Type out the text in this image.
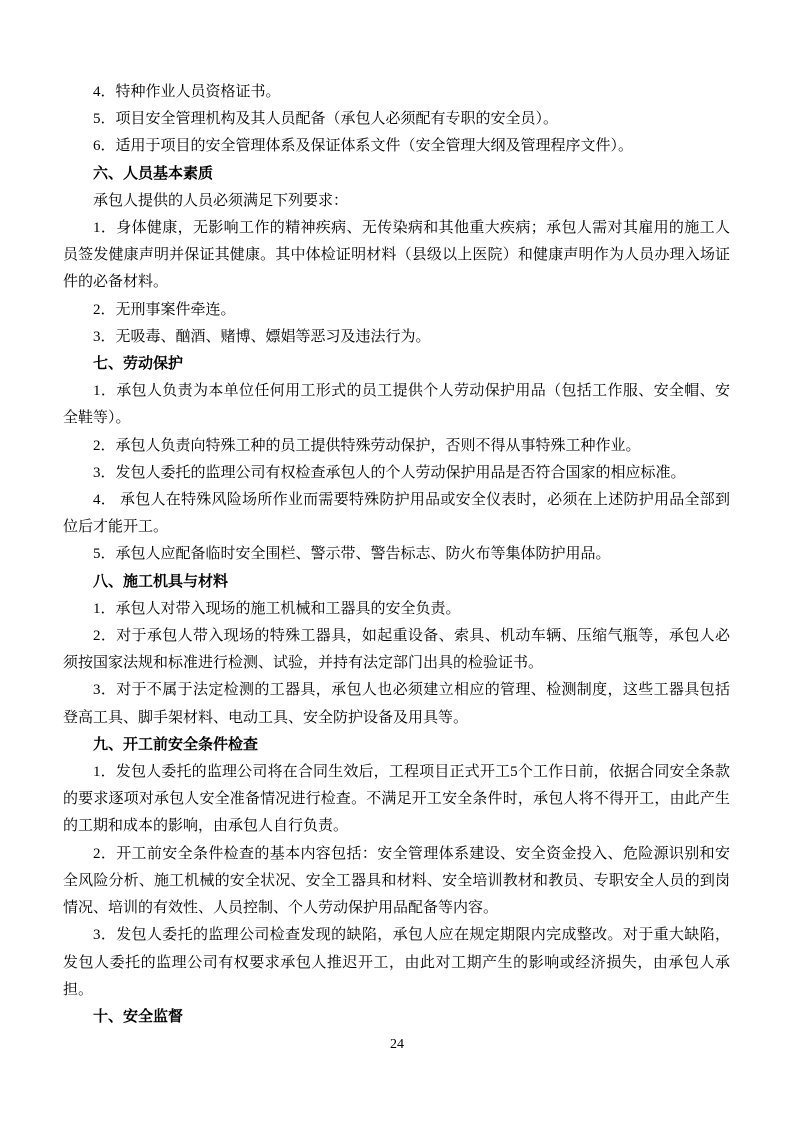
4．特种作业人员资格证书。

5．项目安全管理机构及其人员配备（承包人必须配有专职的安全员）。

6．适用于项目的安全管理体系及保证体系文件（安全管理大纲及管理程序文件）。

六、人员基本素质

承包人提供的人员必须满足下列要求：

1．身体健康，无影响工作的精神疾病、无传染病和其他重大疾病；承包人需对其雇用的施工人员签发健康声明并保证其健康。其中体检证明材料（县级以上医院）和健康声明作为人员办理入场证件的必备材料。

2．无刑事案件牵连。

3．无吸毒、酗酒、赌博、嫖娼等恶习及违法行为。

七、劳动保护

1．承包人负责为本单位任何用工形式的员工提供个人劳动保护用品（包括工作服、安全帽、安全鞋等）。

2．承包人负责向特殊工种的员工提供特殊劳动保护，否则不得从事特殊工种作业。

3．发包人委托的监理公司有权检查承包人的个人劳动保护用品是否符合国家的相应标准。

4． 承包人在特殊风险场所作业而需要特殊防护用品或安全仪表时，必须在上述防护用品全部到位后才能开工。

5．承包人应配备临时安全围栏、警示带、警告标志、防火布等集体防护用品。

八、施工机具与材料

1．承包人对带入现场的施工机械和工器具的安全负责。

2．对于承包人带入现场的特殊工器具，如起重设备、索具、机动车辆、压缩气瓶等，承包人必须按国家法规和标准进行检测、试验，并持有法定部门出具的检验证书。

3．对于不属于法定检测的工器具，承包人也必须建立相应的管理、检测制度，这些工器具包括登高工具、脚手架材料、电动工具、安全防护设备及用具等。

九、开工前安全条件检查

1．发包人委托的监理公司将在合同生效后，工程项目正式开工5个工作日前，依据合同安全条款的要求逐项对承包人安全准备情况进行检查。不满足开工安全条件时，承包人将不得开工，由此产生的工期和成本的影响，由承包人自行负责。

2．开工前安全条件检查的基本内容包括：安全管理体系建设、安全资金投入、危险源识别和安全风险分析、施工机械的安全状况、安全工器具和材料、安全培训教材和教员、专职安全人员的到岗情况、培训的有效性、人员控制、个人劳动保护用品配备等内容。

3．发包人委托的监理公司检查发现的缺陷，承包人应在规定期限内完成整改。对于重大缺陷，发包人委托的监理公司有权要求承包人推迟开工，由此对工期产生的影响或经济损失，由承包人承担。

十、安全监督

24
